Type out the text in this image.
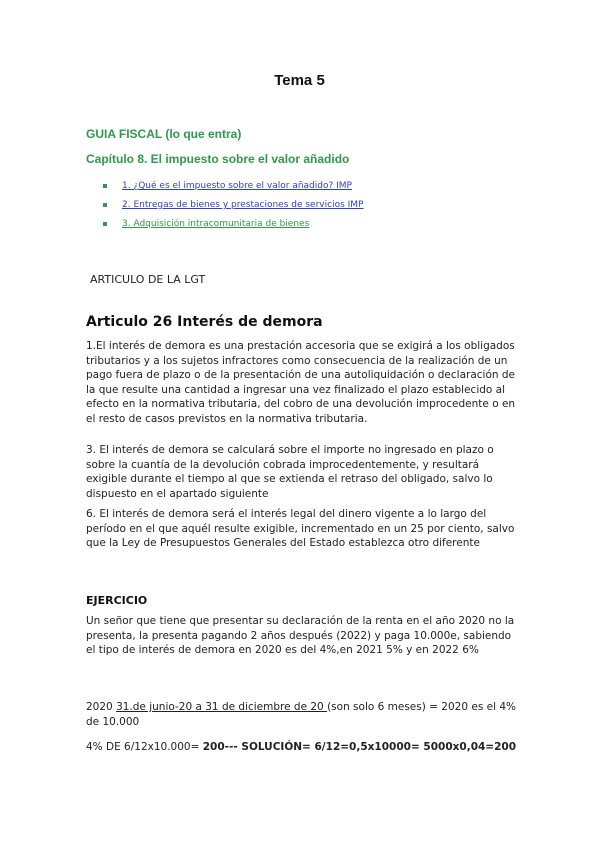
Tema 5
GUIA FISCAL (lo que entra)
Capítulo 8. El impuesto sobre el valor añadido
1. ¿Qué es el impuesto sobre el valor añadido? IMP
2. Entregas de bienes y prestaciones de servicios IMP
3. Adquisición intracomunitaria de bienes
ARTICULO DE LA LGT
Articulo 26 Interés de demora

1.El interés de demora es una prestación accesoria que se exigirá a los obligados tributarios y a los sujetos infractores como consecuencia de la realización de un pago fuera de plazo o de la presentación de una autoliquidación o declaración de la que resulte una cantidad a ingresar una vez finalizado el plazo establecido al efecto en la normativa tributaria, del cobro de una devolución improcedente o en el resto de casos previstos en la normativa tributaria.

3. El interés de demora se calculará sobre el importe no ingresado en plazo o sobre la cuantía de la devolución cobrada improcedentemente, y resultará exigible durante el tiempo al que se extienda el retraso del obligado, salvo lo dispuesto en el apartado siguiente

6. El interés de demora será el interés legal del dinero vigente a lo largo del período en el que aquél resulte exigible, incrementado en un 25 por ciento, salvo que la Ley de Presupuestos Generales del Estado establezca otro diferente

EJERCICIO

Un señor que tiene que presentar su declaración de la renta en el año 2020 no la presenta, la presenta pagando 2 años después (2022) y paga 10.000e, sabiendo el tipo de interés de demora en 2020 es del 4%,en 2021 5% y en 2022 6%

2020 31.de junio-20 a 31 de diciembre de 20 (son solo 6 meses) = 2020 es el 4% de 10.000

4% DE 6/12x10.000= 200--- SOLUCIÓN= 6/12=0,5x10000= 5000x0,04=200
